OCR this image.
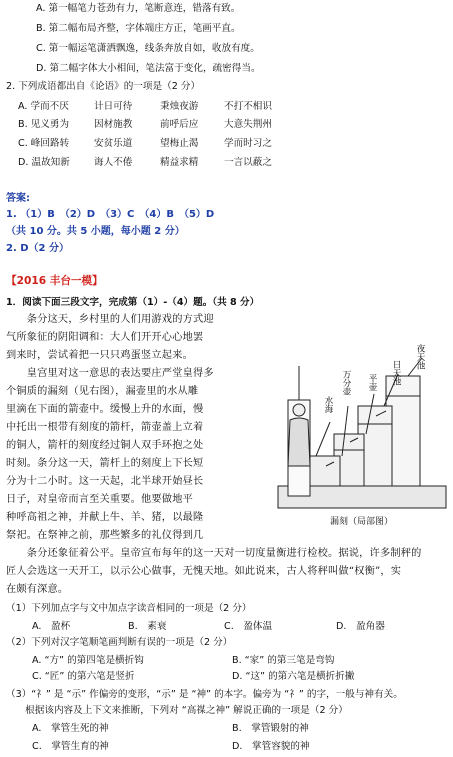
A. 第一幅笔力苍劲有力，笔断意连，错落有致。
B. 第二幅布局齐整，字体端庄方正，笔画平直。
C. 第一幅运笔潇洒飘逸，线条奔放自如，收放有度。
D. 第二幅字体大小相间，笔法富于变化，疏密得当。
2. 下列成语都出自《论语》的一项是（2 分）
A. 学而不厌	计日可待	秉烛夜游	不打不相识
B. 见义勇为	因材施教	前呼后应	大意失荆州
C. 峰回路转	安贫乐道	望梅止渴	学而时习之
D. 温故知新	诲人不倦	精益求精	一言以蔽之
答案:
1. （1）B　（2）D　（3）C　（4）B　（5）D
（共 10 分。共 5 小题，每小题 2 分）
2. D（2 分）
【2016 丰台一模】
1．阅读下面三段文字，完成第（1）-（4）题。（共 8 分）
　　条分这天，乡村里的人们用游戏的方式迎
气所象征的阴阳调和：大人们开开心心地罢
到来时，尝试着把一只只鸡蛋竖立起来。
　　皇宫里对这一意思的表达要庄严堂皇得多
个铜质的漏刻（见右图），漏壶里的水从雕
里滴在下面的箭壶中。缓慢上升的水面，慢
中托出一根带有刻度的箭杆，箭壶盖上立着
的铜人，箭杆的刻度经过铜人双手环抱之处
时刻。条分这一天，箭杆上的刻度上下长短
分为十二小时。这一天起，北半球开始昼长
日子，对皇帝而言至关重要。他要做地平
种呼高祖之神，并献上牛、羊、猪，以最隆
祭祀。在祭神之前，那些繁多的礼仪得到几
夜天池
日天池
平壶
万分壶
水海
漏刻（局部图）
　　条分还象征着公平。皇帝宣布每年的这一天对一切度量衡进行检校。据说，许多制秤的
匠人会选这一天开工，以示公心做事，无愧天地。如此说来，古人将秤叫做“权衡”，实
在颇有深意。
（1）下列加点字与文中加点字读音相同的一项是（2 分）
A.　盈杯	B.　素衰	C.　盈体温	D.　盈角器
（2）下列对汉字笔顺笔画判断有误的一项是（2 分）
A. “方” 的第四笔是横折钩	B. “家” 的第三笔是弯钩
C. “匠” 的第六笔是竖折	D. “这” 的第六笔是横折折撇
（3）“礻” 是 “示” 作偏旁的变形，“示” 是 “神” 的本字。偏旁为 “礻” 的字，一般与神有关。
　　根据该内容及上下文来推断，下列对 “高禖之神” 解说正确的一项是（2 分）
A.　掌管生死的神	B.　掌管锻射的神
C.　掌管生育的神	D.　掌管容貌的神
